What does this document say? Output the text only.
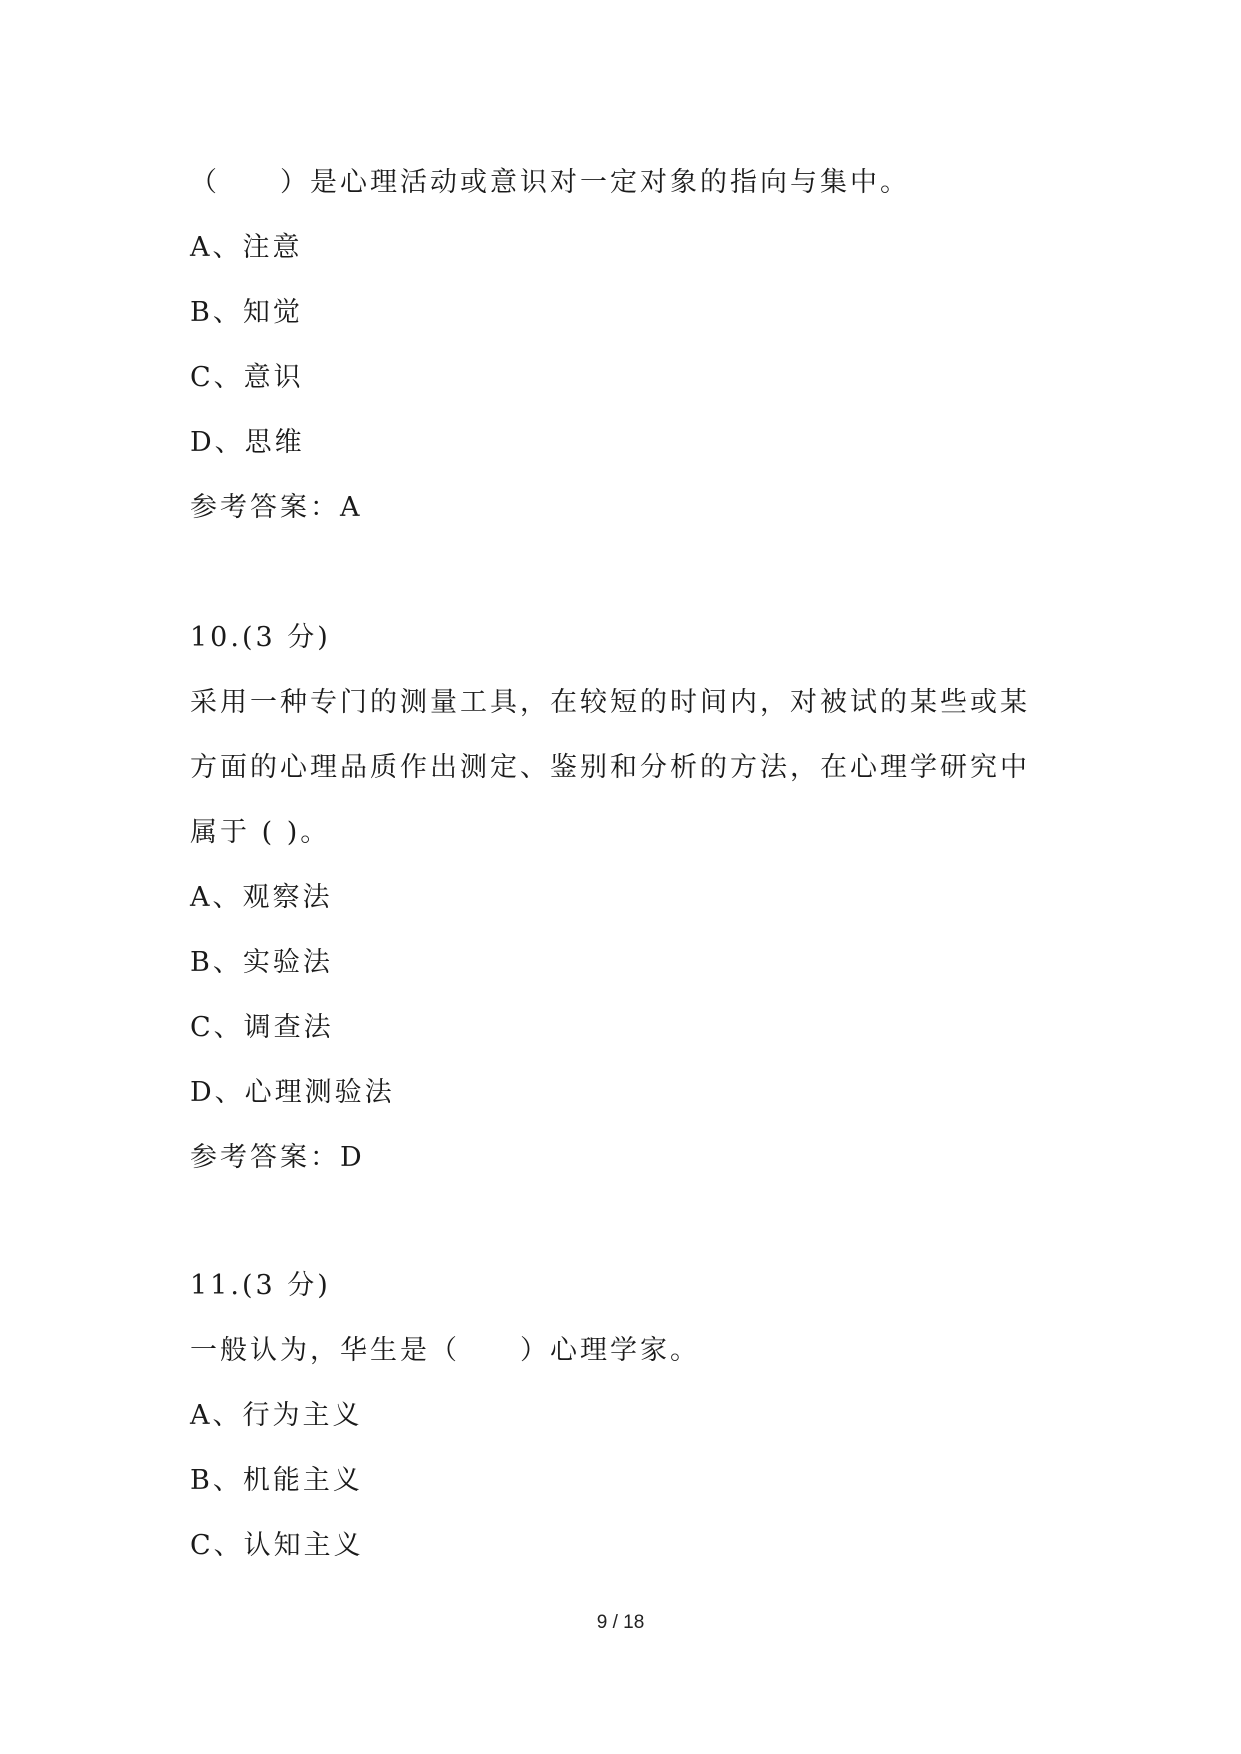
（　　）是心理活动或意识对一定对象的指向与集中。
A、注意
B、知觉
C、意识
D、思维
参考答案：A
10.(3 分)
采用一种专门的测量工具，在较短的时间内，对被试的某些或某
方面的心理品质作出测定、鉴别和分析的方法，在心理学研究中
属于 ( )。
A、观察法
B、实验法
C、调查法
D、心理测验法
参考答案：D
11.(3 分)
一般认为，华生是（　　）心理学家。
A、行为主义
B、机能主义
C、认知主义
9 / 18
